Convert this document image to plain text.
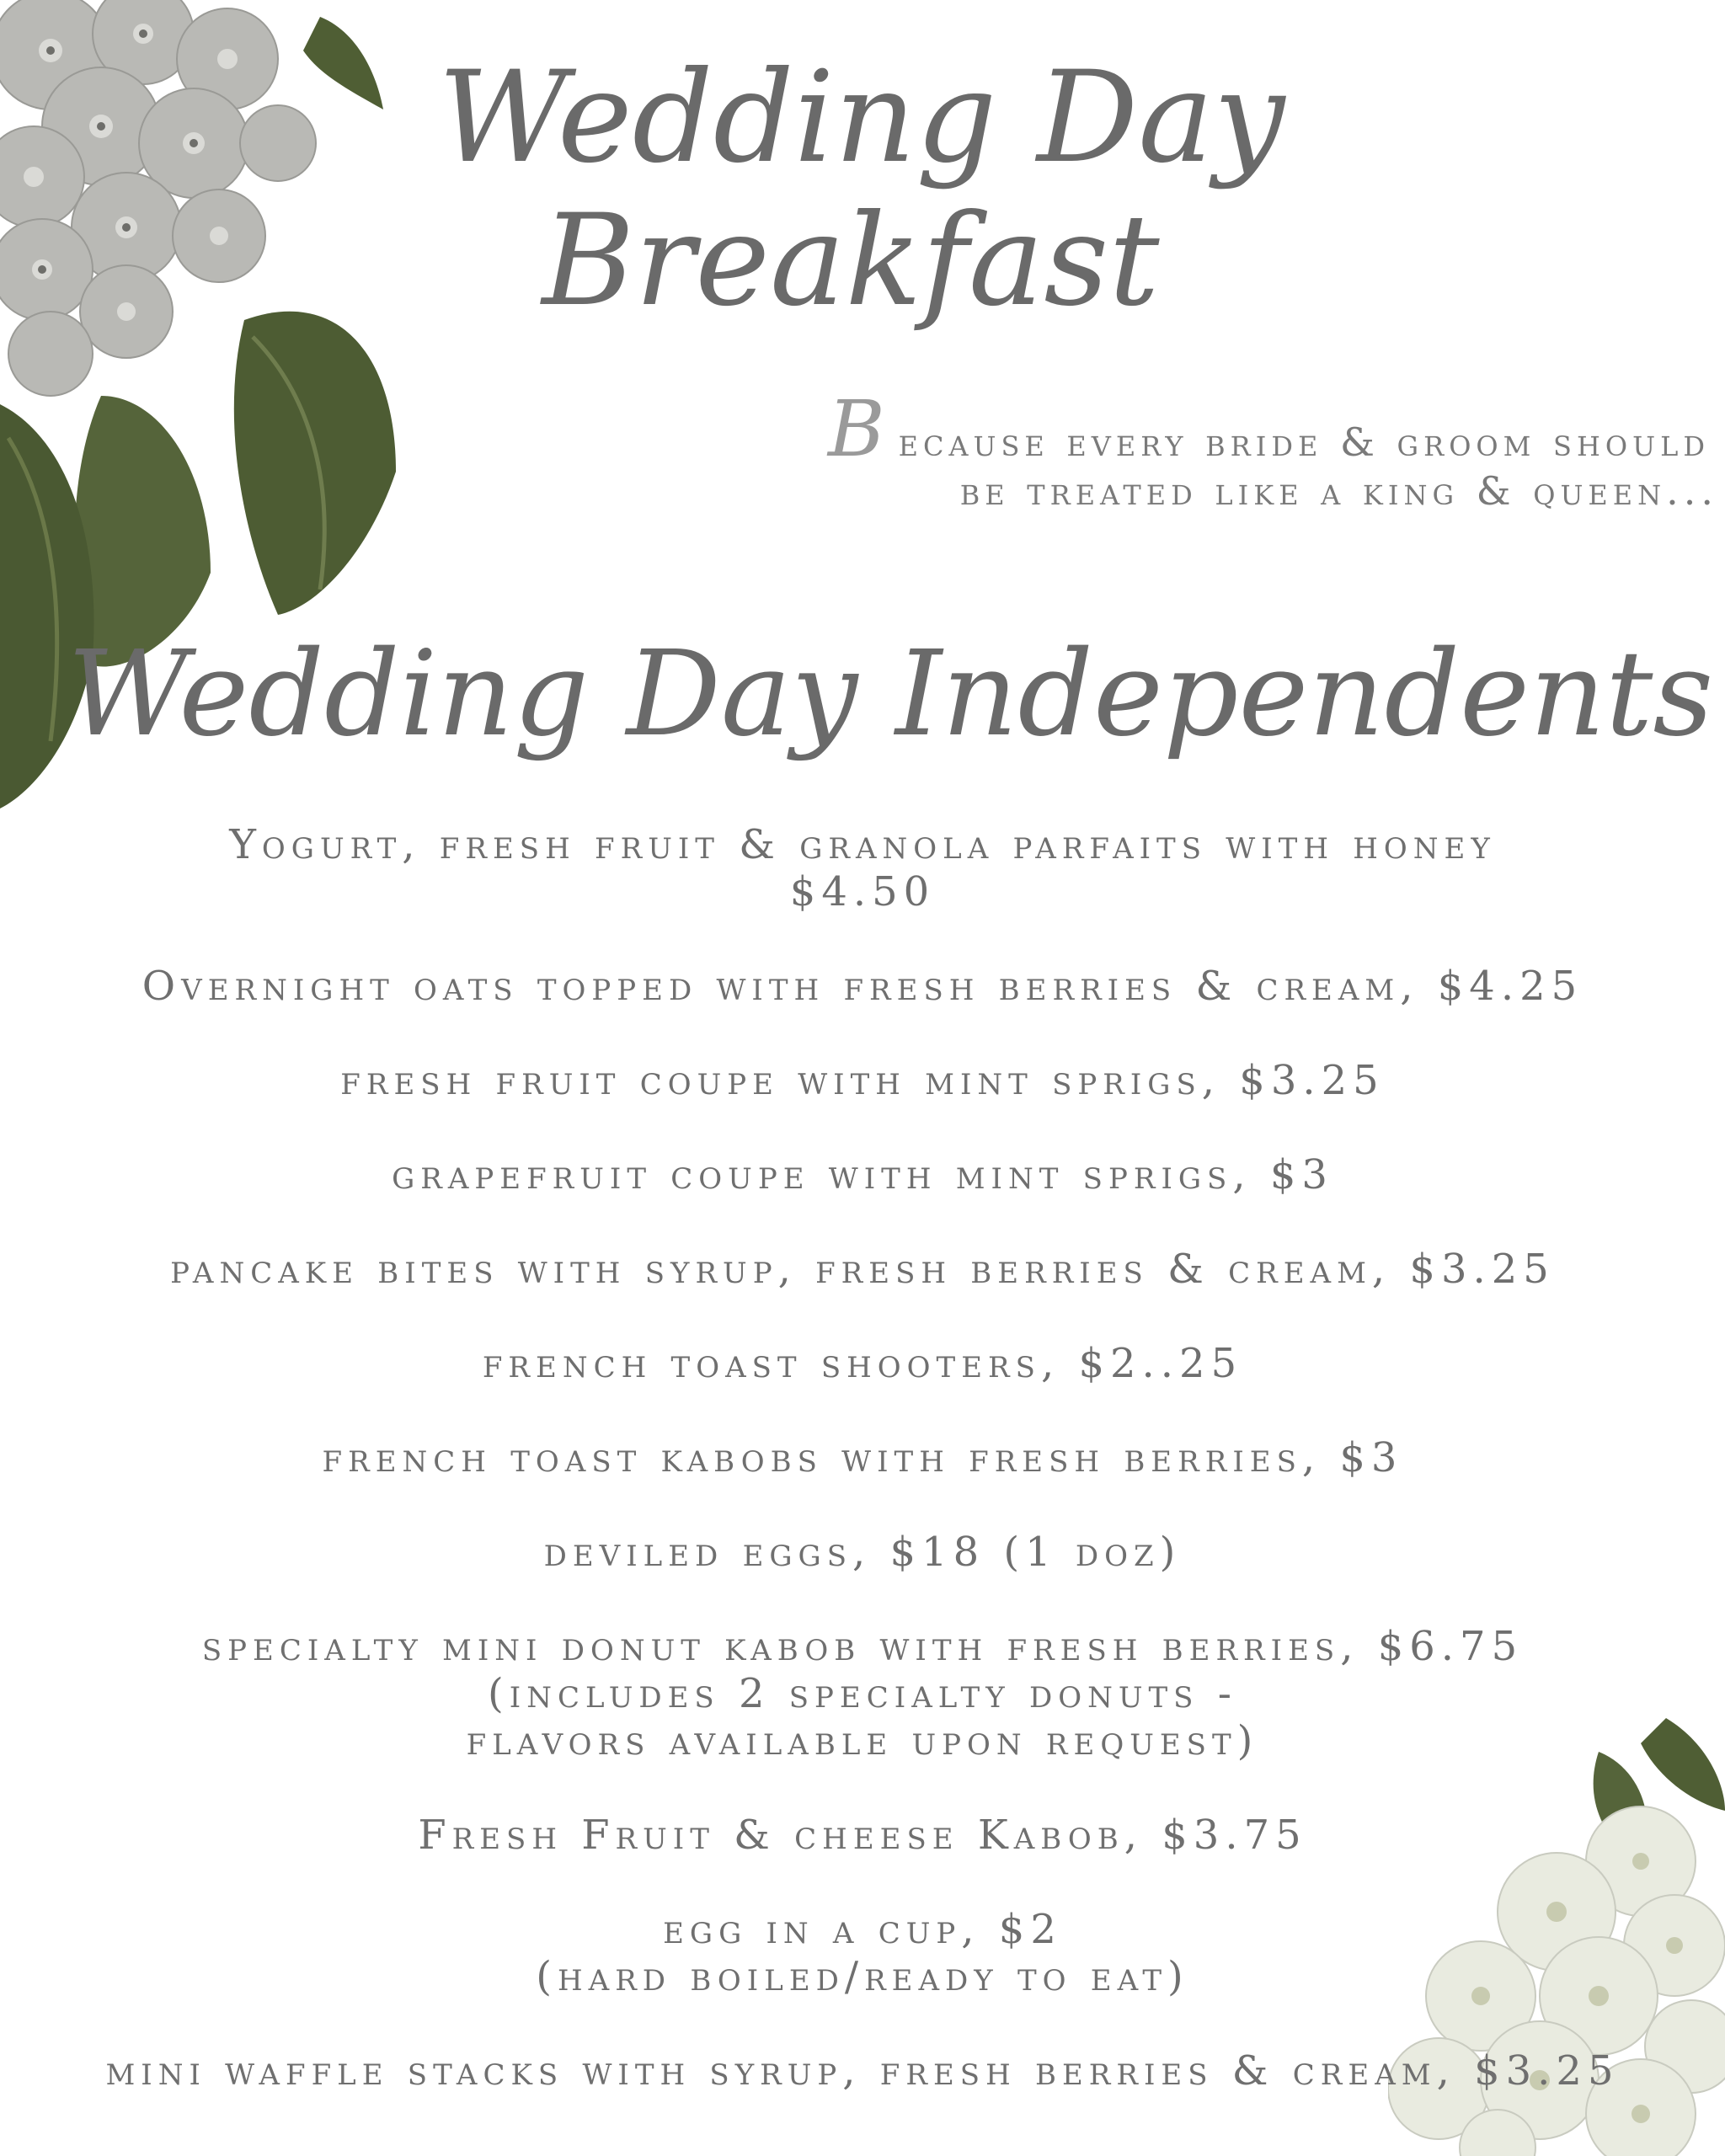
Wedding Day
Breakfast
Because every bride & groom should
be treated like a king & queen...
Wedding Day Independents
Yogurt, fresh fruit & granola parfaits with honey
$4.50
Overnight oats topped with fresh berries & cream, $4.25
fresh fruit coupe with mint sprigs, $3.25
grapefruit coupe with mint sprigs, $3
pancake bites with syrup, fresh berries & cream, $3.25
french toast shooters, $2..25
french toast kabobs with fresh berries, $3
deviled eggs, $18 (1 doz)
specialty mini donut kabob with fresh berries, $6.75
(includes 2 specialty donuts -
flavors available upon request)
Fresh Fruit & cheese Kabob, $3.75
egg in a cup, $2
(hard boiled/ready to eat)
mini waffle stacks with syrup, fresh berries & cream, $3.25
